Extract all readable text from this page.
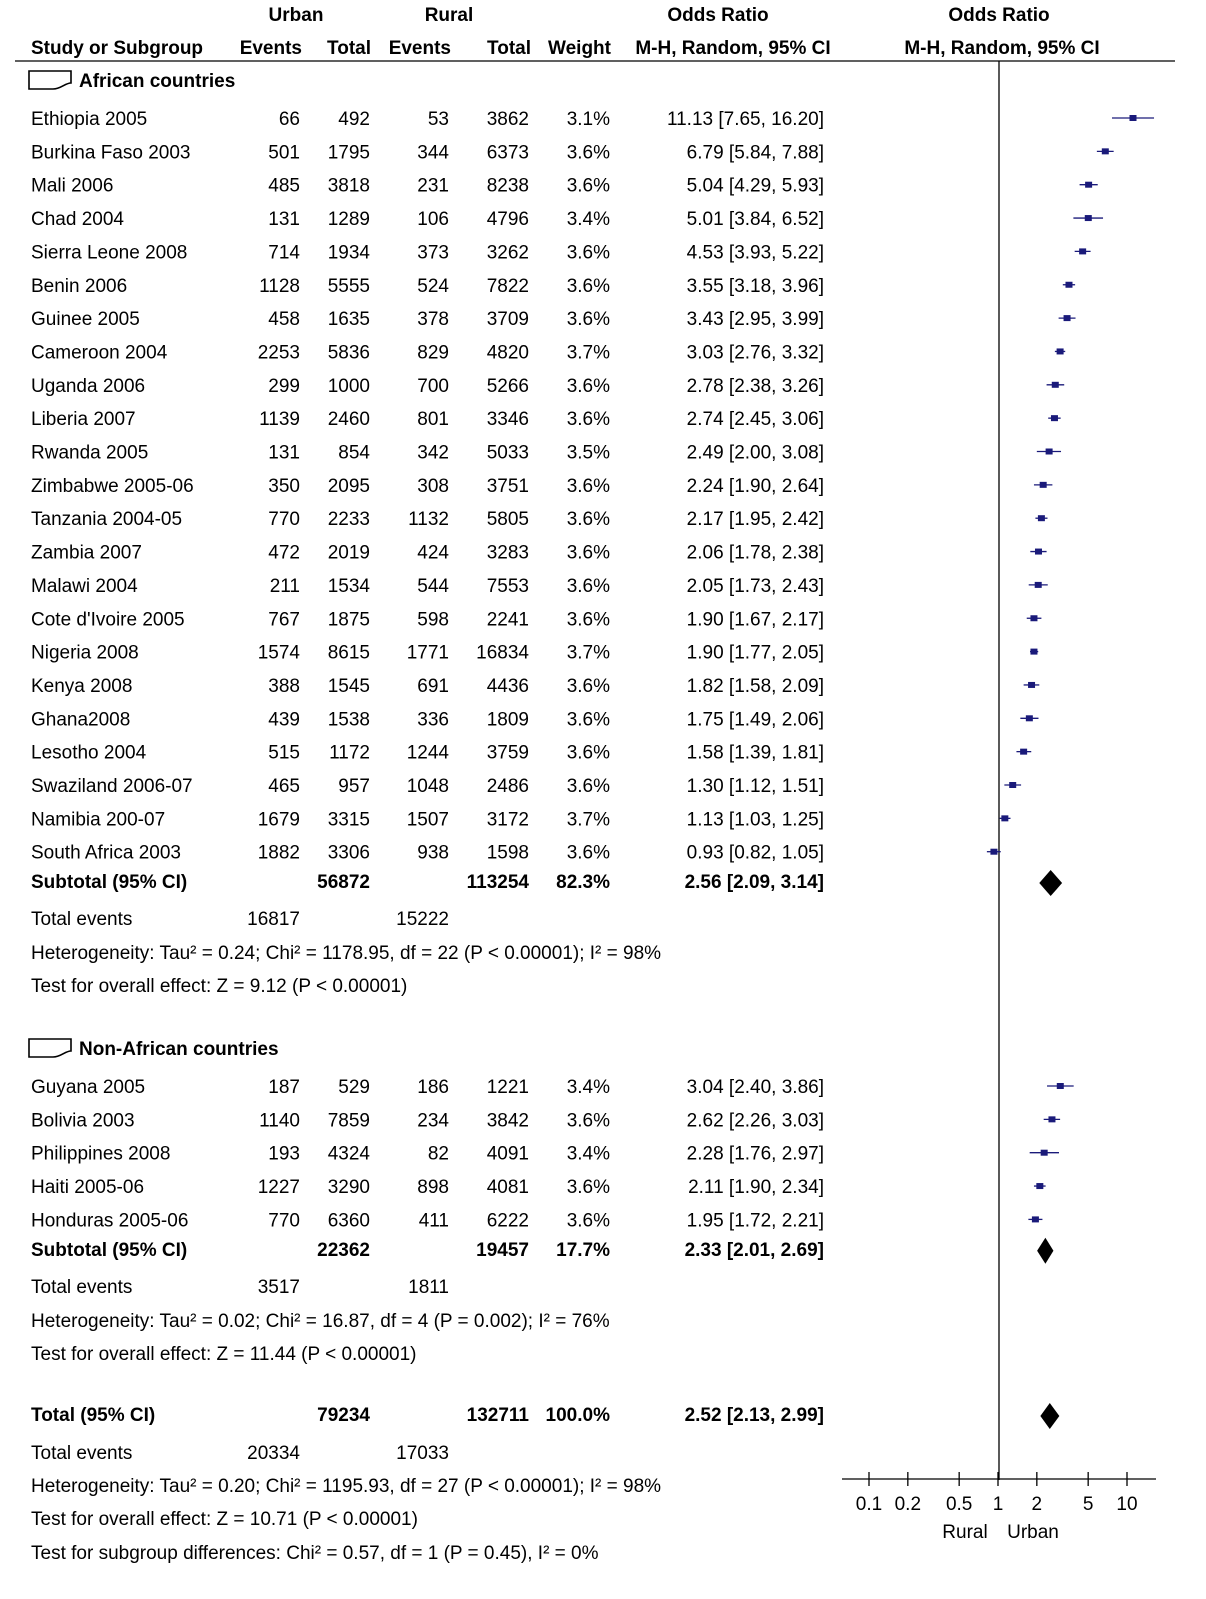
Urban	Rural	Odds Ratio	Odds Ratio
Study or Subgroup Events Total Events Total Weight M-H, Random, 95% CI	M-H, Random, 95% CI
African countries
Ethiopia 2005	66 492	53 3862 3.1%	11.13 [7.65, 16.20]
Burkina Faso 2003	501 1795 344 6373 3.6%	6.79 [5.84, 7.88]
Mali 2006	485 3818 231 8238 3.6%	5.04 [4.29, 5.93]
Chad 2004	131 1289 106 4796 3.4%	5.01 [3.84, 6.52]
Sierra Leone 2008	714 1934 373 3262 3.6%	4.53 [3.93, 5.22]
Benin 2006	1128 5555 524 7822 3.6%	3.55 [3.18, 3.96]
Guinee 2005	458 1635 378 3709 3.6%	3.43 [2.95, 3.99]
Cameroon 2004	2253 5836 829 4820 3.7%	3.03 [2.76, 3.32]
Uganda 2006	299 1000 700 5266 3.6%	2.78 [2.38, 3.26]
Liberia 2007	1139 2460 801 3346 3.6%	2.74 [2.45, 3.06]
Rwanda 2005	131 854 342 5033 3.5%	2.49 [2.00, 3.08]
Zimbabwe 2005-06	350 2095 308 3751 3.6%	2.24 [1.90, 2.64]
Tanzania 2004-05	770 2233 1132 5805 3.6%	2.17 [1.95, 2.42]
Zambia 2007	472 2019 424 3283 3.6%	2.06 [1.78, 2.38]
Malawi 2004	211 1534 544 7553 3.6%	2.05 [1.73, 2.43]
Cote d'Ivoire 2005	767 1875 598 2241 3.6%	1.90 [1.67, 2.17]
Nigeria 2008	1574 8615 1771 16834 3.7%	1.90 [1.77, 2.05]
Kenya 2008	388 1545 691 4436 3.6%	1.82 [1.58, 2.09]
Ghana2008	439 1538 336 1809 3.6%	1.75 [1.49, 2.06]
Lesotho 2004	515 1172 1244 3759 3.6%	1.58 [1.39, 1.81]
Swaziland 2006-07	465 957 1048 2486 3.6%	1.30 [1.12, 1.51]
Namibia 200-07	1679 3315 1507 3172 3.7%	1.13 [1.03, 1.25]
South Africa 2003	1882 3306 938 1598 3.6%	0.93 [0.82, 1.05]
Subtotal (95% CI)	56872	113254 82.3%	2.56 [2.09, 3.14]
Total events	16817	15222
Heterogeneity: Tau² = 0.24; Chi² = 1178.95, df = 22 (P < 0.00001); I² = 98%
Test for overall effect: Z = 9.12 (P < 0.00001)
Non-African countries
Guyana 2005	187 529 186 1221 3.4%	3.04 [2.40, 3.86]
Bolivia 2003	1140 7859 234 3842 3.6%	2.62 [2.26, 3.03]
Philippines 2008	193 4324	82 4091 3.4%	2.28 [1.76, 2.97]
Haiti 2005-06	1227 3290 898 4081 3.6%	2.11 [1.90, 2.34]
Honduras 2005-06	770 6360	411 6222 3.6%	1.95 [1.72, 2.21]
Subtotal (95% CI)	22362	19457 17.7%	2.33 [2.01, 2.69]
Total events	3517	1811
Heterogeneity: Tau² = 0.02; Chi² = 16.87, df = 4 (P = 0.002); I² = 76%
Test for overall effect: Z = 11.44 (P < 0.00001)
Total (95% CI)	79234	132711 100.0%	2.52 [2.13, 2.99]
Total events	20334	17033
Heterogeneity: Tau² = 0.20; Chi² = 1195.93, df = 27 (P < 0.00001); I² = 98%
Test for overall effect: Z = 10.71 (P < 0.00001)
Test for subgroup differences: Chi² = 0.57, df = 1 (P = 0.45), I² = 0%
0.1 0.2 0.5 1 2 5 10
Rural Urban
